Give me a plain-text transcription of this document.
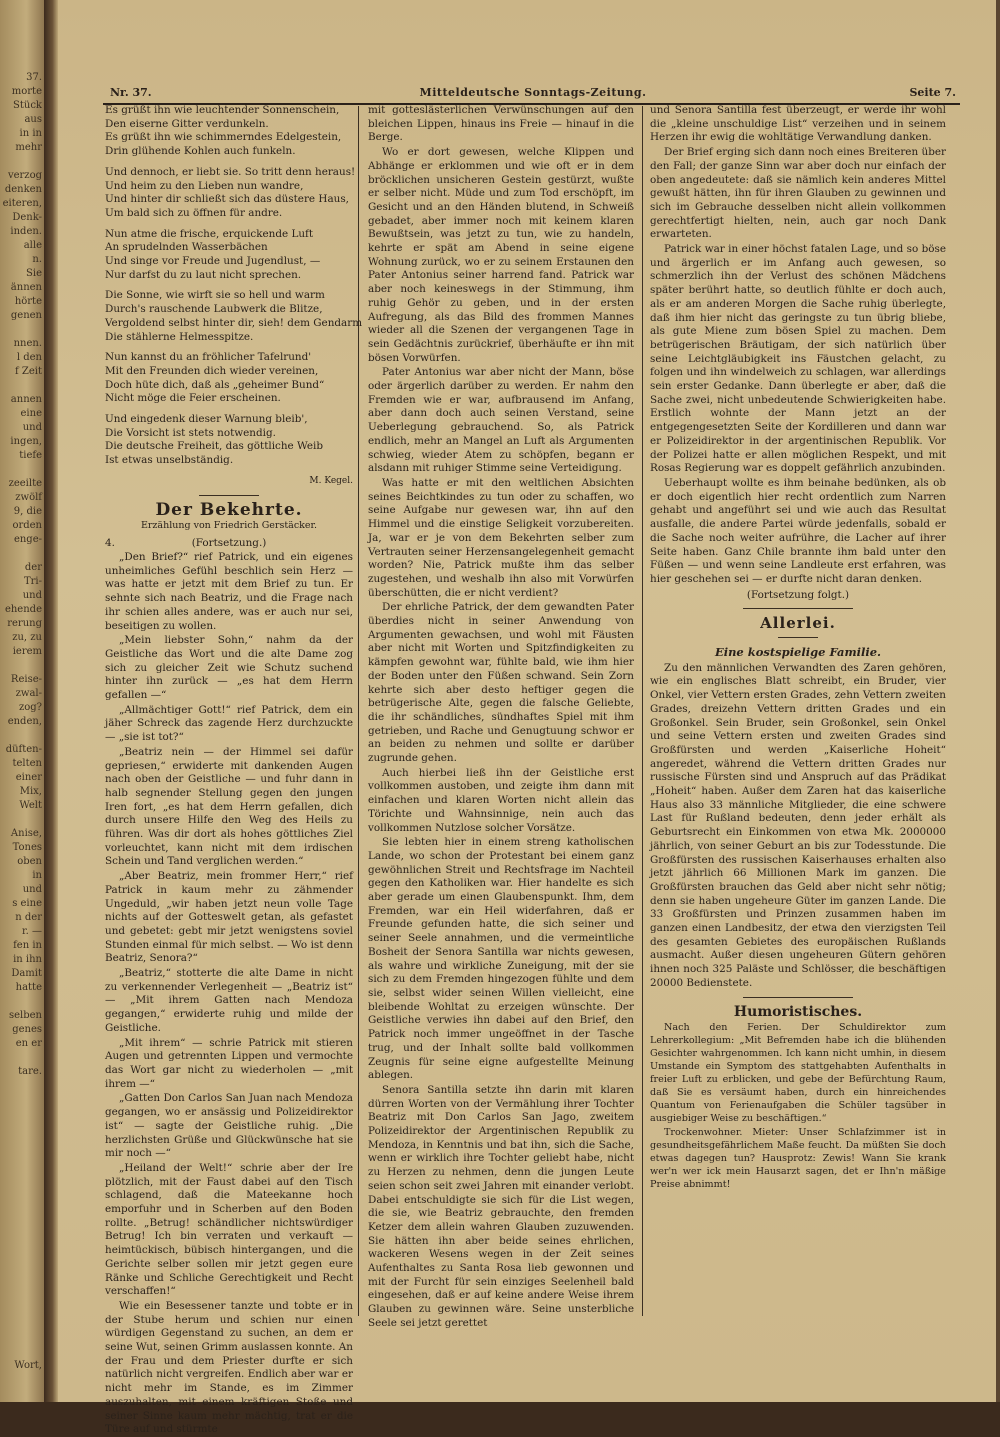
37.
morte
Stück
aus
in in
mehr
verzog
denken
eiteren,
Denk-
inden.
alle
n.
Sie
ännen
hörte
genen
nnen.
l den
f Zeit
annen
eine
und
ingen,
tiefe
zeeilte
zwölf
9, die
orden
enge-
der
Tri-
und
ehende
rerung
zu, zu
ierem
Reise-
zwal-
zog?
enden,
düften-
telten
einer
Mix,
Welt
Anise,
Tones
oben
in
und
s eine
n der
r. —
fen in
in ihn
Damit
hatte
selben
genes
en er
tare.
Wort,
Nr. 37.	Mitteldeutsche Sonntags-Zeitung.	Seite 7.
Es grüßt ihn wie leuchtender Sonnenschein,
Den eiserne Gitter verdunkeln.
Es grüßt ihn wie schimmerndes Edelgestein,
Drin glühende Kohlen auch funkeln.
Und dennoch, er liebt sie. So tritt denn heraus!
Und heim zu den Lieben nun wandre,
Und hinter dir schließt sich das düstere Haus,
Um bald sich zu öffnen für andre.
Nun atme die frische, erquickende Luft
An sprudelnden Wasserbächen
Und singe vor Freude und Jugendlust, —
Nur darfst du zu laut nicht sprechen.
Die Sonne, wie wirft sie so hell und warm
Durch's rauschende Laubwerk die Blitze,
Vergoldend selbst hinter dir, sieh! dem Gendarm
Die stählerne Helmesspitze.
Nun kannst du an fröhlicher Tafelrund'
Mit den Freunden dich wieder vereinen,
Doch hüte dich, daß als „geheimer Bund“
Nicht möge die Feier erscheinen.
Und eingedenk dieser Warnung bleib',
Die Vorsicht ist stets notwendig.
Die deutsche Freiheit, das göttliche Weib
Ist etwas unselbständig.
M. Kegel.
Der Bekehrte.
Erzählung von Friedrich Gerstäcker.
4.	(Fortsetzung.)

„Den Brief?“ rief Patrick, und ein eigenes unheimliches Gefühl beschlich sein Herz — was hatte er jetzt mit dem Brief zu tun. Er sehnte sich nach Beatriz, und die Frage nach ihr schien alles andere, was er auch nur sei, beseitigen zu wollen.

„Mein liebster Sohn,“ nahm da der Geistliche das Wort und die alte Dame zog sich zu gleicher Zeit wie Schutz suchend hinter ihn zurück — „es hat dem Herrn gefallen —“

„Allmächtiger Gott!“ rief Patrick, dem ein jäher Schreck das zagende Herz durchzuckte — „sie ist tot?“

„Beatriz nein — der Himmel sei dafür gepriesen,“ erwiderte mit dankenden Augen nach oben der Geistliche — und fuhr dann in halb segnender Stellung gegen den jungen Iren fort, „es hat dem Herrn gefallen, dich durch unsere Hilfe den Weg des Heils zu führen. Was dir dort als hohes göttliches Ziel vorleuchtet, kann nicht mit dem irdischen Schein und Tand verglichen werden.“

„Aber Beatriz, mein frommer Herr,“ rief Patrick in kaum mehr zu zähmender Ungeduld, „wir haben jetzt neun volle Tage nichts auf der Gotteswelt getan, als gefastet und gebetet: gebt mir jetzt wenigstens soviel Stunden einmal für mich selbst. — Wo ist denn Beatriz, Senora?“

„Beatriz,“ stotterte die alte Dame in nicht zu verkennender Verlegenheit — „Beatriz ist“ — „Mit ihrem Gatten nach Mendoza gegangen,“ erwiderte ruhig und milde der Geistliche.

„Mit ihrem“ — schrie Patrick mit stieren Augen und getrennten Lippen und vermochte das Wort gar nicht zu wiederholen — „mit ihrem —“

„Gatten Don Carlos San Juan nach Mendoza gegangen, wo er ansässig und Polizeidirektor ist“ — sagte der Geistliche ruhig. „Die herzlichsten Grüße und Glückwünsche hat sie mir noch —“

„Heiland der Welt!“ schrie aber der Ire plötzlich, mit der Faust dabei auf den Tisch schlagend, daß die Mateekanne hoch emporfuhr und in Scherben auf den Boden rollte. „Betrug! schändlicher nichtswürdiger Betrug! Ich bin verraten und verkauft — heimtückisch, bübisch hintergangen, und die Gerichte selber sollen mir jetzt gegen eure Ränke und Schliche Gerechtigkeit und Recht verschaffen!“

Wie ein Besessener tanzte und tobte er in der Stube herum und schien nur einen würdigen Gegenstand zu suchen, an dem er seine Wut, seinen Grimm auslassen konnte. An der Frau und dem Priester durfte er sich natürlich nicht vergreifen. Endlich aber war er nicht mehr im Stande, es im Zimmer auszuhalten, mit einem kräftigen Stoße und seiner Sinne kaum mehr mächtig, trat er die Türe auf und stürmte

mit gotteslästerlichen Verwünschungen auf den bleichen Lippen, hinaus ins Freie — hinauf in die Berge.

Wo er dort gewesen, welche Klippen und Abhänge er erklommen und wie oft er in dem bröcklichen unsicheren Gestein gestürzt, wußte er selber nicht. Müde und zum Tod erschöpft, im Gesicht und an den Händen blutend, in Schweiß gebadet, aber immer noch mit keinem klaren Bewußtsein, was jetzt zu tun, wie zu handeln, kehrte er spät am Abend in seine eigene Wohnung zurück, wo er zu seinem Erstaunen den Pater Antonius seiner harrend fand. Patrick war aber noch keineswegs in der Stimmung, ihm ruhig Gehör zu geben, und in der ersten Aufregung, als das Bild des frommen Mannes wieder all die Szenen der vergangenen Tage in sein Gedächtnis zurückrief, überhäufte er ihn mit bösen Vorwürfen.

Pater Antonius war aber nicht der Mann, böse oder ärgerlich darüber zu werden. Er nahm den Fremden wie er war, aufbrausend im Anfang, aber dann doch auch seinen Verstand, seine Ueberlegung gebrauchend. So, als Patrick endlich, mehr an Mangel an Luft als Argumenten schwieg, wieder Atem zu schöpfen, begann er alsdann mit ruhiger Stimme seine Verteidigung.

Was hatte er mit den weltlichen Absichten seines Beichtkindes zu tun oder zu schaffen, wo seine Aufgabe nur gewesen war, ihn auf den Himmel und die einstige Seligkeit vorzubereiten. Ja, war er je von dem Bekehrten selber zum Vertrauten seiner Herzensangelegenheit gemacht worden? Nie, Patrick mußte ihm das selber zugestehen, und weshalb ihn also mit Vorwürfen überschütten, die er nicht verdient?

Der ehrliche Patrick, der dem gewandten Pater überdies nicht in seiner Anwendung von Argumenten gewachsen, und wohl mit Fäusten aber nicht mit Worten und Spitzfindigkeiten zu kämpfen gewohnt war, fühlte bald, wie ihm hier der Boden unter den Füßen schwand. Sein Zorn kehrte sich aber desto heftiger gegen die betrügerische Alte, gegen die falsche Geliebte, die ihr schändliches, sündhaftes Spiel mit ihm getrieben, und Rache und Genugtuung schwor er an beiden zu nehmen und sollte er darüber zugrunde gehen.

Auch hierbei ließ ihn der Geistliche erst vollkommen austoben, und zeigte ihm dann mit einfachen und klaren Worten nicht allein das Törichte und Wahnsinnige, nein auch das vollkommen Nutzlose solcher Vorsätze.

Sie lebten hier in einem streng katholischen Lande, wo schon der Protestant bei einem ganz gewöhnlichen Streit und Rechtsfrage im Nachteil gegen den Katholiken war. Hier handelte es sich aber gerade um einen Glaubenspunkt. Ihm, dem Fremden, war ein Heil widerfahren, daß er Freunde gefunden hatte, die sich seiner und seiner Seele annahmen, und die vermeintliche Bosheit der Senora Santilla war nichts gewesen, als wahre und wirkliche Zuneigung, mit der sie sich zu dem Fremden hingezogen fühlte und dem sie, selbst wider seinen Willen vielleicht, eine bleibende Wohltat zu erzeigen wünschte. Der Geistliche verwies ihn dabei auf den Brief, den Patrick noch immer ungeöffnet in der Tasche trug, und der Inhalt sollte bald vollkommen Zeugnis für seine eigne aufgestellte Meinung ablegen.

Senora Santilla setzte ihn darin mit klaren dürren Worten von der Vermählung ihrer Tochter Beatriz mit Don Carlos San Jago, zweitem Polizeidirektor der Argentinischen Republik zu Mendoza, in Kenntnis und bat ihn, sich die Sache, wenn er wirklich ihre Tochter geliebt habe, nicht zu Herzen zu nehmen, denn die jungen Leute seien schon seit zwei Jahren mit einander verlobt. Dabei entschuldigte sie sich für die List wegen, die sie, wie Beatriz gebrauchte, den fremden Ketzer dem allein wahren Glauben zuzuwenden. Sie hätten ihn aber beide seines ehrlichen, wackeren Wesens wegen in der Zeit seines Aufenthaltes zu Santa Rosa lieb gewonnen und mit der Furcht für sein einziges Seelenheil bald eingesehen, daß er auf keine andere Weise ihrem Glauben zu gewinnen wäre. Seine unsterbliche Seele sei jetzt gerettet

und Senora Santilla fest überzeugt, er werde ihr wohl die „kleine unschuldige List“ verzeihen und in seinem Herzen ihr ewig die wohltätige Verwandlung danken.

Der Brief erging sich dann noch eines Breiteren über den Fall; der ganze Sinn war aber doch nur einfach der oben angedeutete: daß sie nämlich kein anderes Mittel gewußt hätten, ihn für ihren Glauben zu gewinnen und sich im Gebrauche desselben nicht allein vollkommen gerechtfertigt hielten, nein, auch gar noch Dank erwarteten.

Patrick war in einer höchst fatalen Lage, und so böse und ärgerlich er im Anfang auch gewesen, so schmerzlich ihn der Verlust des schönen Mädchens später berührt hatte, so deutlich fühlte er doch auch, als er am anderen Morgen die Sache ruhig überlegte, daß ihm hier nicht das geringste zu tun übrig bliebe, als gute Miene zum bösen Spiel zu machen. Dem betrügerischen Bräutigam, der sich natürlich über seine Leichtgläubigkeit ins Fäustchen gelacht, zu folgen und ihn windelweich zu schlagen, war allerdings sein erster Gedanke. Dann überlegte er aber, daß die Sache zwei, nicht unbedeutende Schwierigkeiten habe. Erstlich wohnte der Mann jetzt an der entgegengesetzten Seite der Kordilleren und dann war er Polizeidirektor in der argentinischen Republik. Vor der Polizei hatte er allen möglichen Respekt, und mit Rosas Regierung war es doppelt gefährlich anzubinden.

Ueberhaupt wollte es ihm beinahe bedünken, als ob er doch eigentlich hier recht ordentlich zum Narren gehabt und angeführt sei und wie auch das Resultat ausfalle, die andere Partei würde jedenfalls, sobald er die Sache noch weiter aufrühre, die Lacher auf ihrer Seite haben. Ganz Chile brannte ihm bald unter den Füßen — und wenn seine Landleute erst erfahren, was hier geschehen sei — er durfte nicht daran denken.

(Fortsetzung folgt.)
Allerlei.
Eine kostspielige Familie.

Zu den männlichen Verwandten des Zaren gehören, wie ein englisches Blatt schreibt, ein Bruder, vier Onkel, vier Vettern ersten Grades, zehn Vettern zweiten Grades, dreizehn Vettern dritten Grades und ein Großonkel. Sein Bruder, sein Großonkel, sein Onkel und seine Vettern ersten und zweiten Grades sind Großfürsten und werden „Kaiserliche Hoheit“ angeredet, während die Vettern dritten Grades nur russische Fürsten sind und Anspruch auf das Prädikat „Hoheit“ haben. Außer dem Zaren hat das kaiserliche Haus also 33 männliche Mitglieder, die eine schwere Last für Rußland bedeuten, denn jeder erhält als Geburtsrecht ein Einkommen von etwa Mk. 2000000 jährlich, von seiner Geburt an bis zur Todesstunde. Die Großfürsten des russischen Kaiserhauses erhalten also jetzt jährlich 66 Millionen Mark im ganzen. Die Großfürsten brauchen das Geld aber nicht sehr nötig; denn sie haben ungeheure Güter im ganzen Lande. Die 33 Großfürsten und Prinzen zusammen haben im ganzen einen Landbesitz, der etwa den vierzigsten Teil des gesamten Gebietes des europäischen Rußlands ausmacht. Außer diesen ungeheuren Gütern gehören ihnen noch 325 Paläste und Schlösser, die beschäftigen 20000 Bedienstete.

Humoristisches.

Nach den Ferien. Der Schuldirektor zum Lehrerkollegium: „Mit Befremden habe ich die blühenden Gesichter wahrgenommen. Ich kann nicht umhin, in diesem Umstande ein Symptom des stattgehabten Aufenthalts in freier Luft zu erblicken, und gebe der Befürchtung Raum, daß Sie es versäumt haben, durch ein hinreichendes Quantum von Ferienaufgaben die Schüler tagsüber in ausgiebiger Weise zu beschäftigen.“

Trockenwohner. Mieter: Unser Schlafzimmer ist in gesundheitsgefährlichem Maße feucht. Da müßten Sie doch etwas dagegen tun? Hausprotz: Zewis! Wann Sie krank wer'n wer ick mein Hausarzt sagen, det er Ihn'n mäßige Preise abnimmt!
